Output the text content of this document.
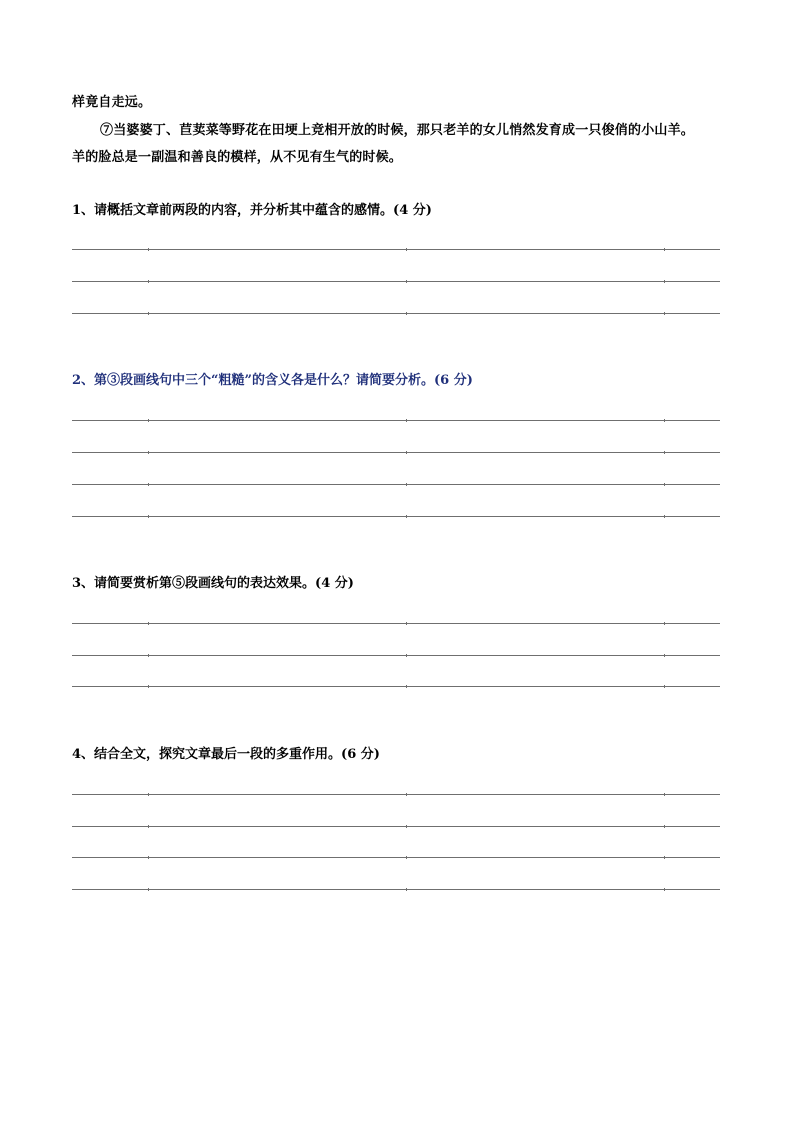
样竟自走远。
⑦当婆婆丁、苣荬菜等野花在田埂上竞相开放的时候，那只老羊的女儿悄然发育成一只俊俏的小山羊。
羊的脸总是一副温和善良的模样，从不见有生气的时候。
1、请概括文章前两段的内容，并分析其中蕴含的感情。(4 分)
2、第③段画线句中三个“粗糙”的含义各是什么？请简要分析。(6 分)
3、请简要赏析第⑤段画线句的表达效果。(4 分)
4、结合全文，探究文章最后一段的多重作用。(6 分)
